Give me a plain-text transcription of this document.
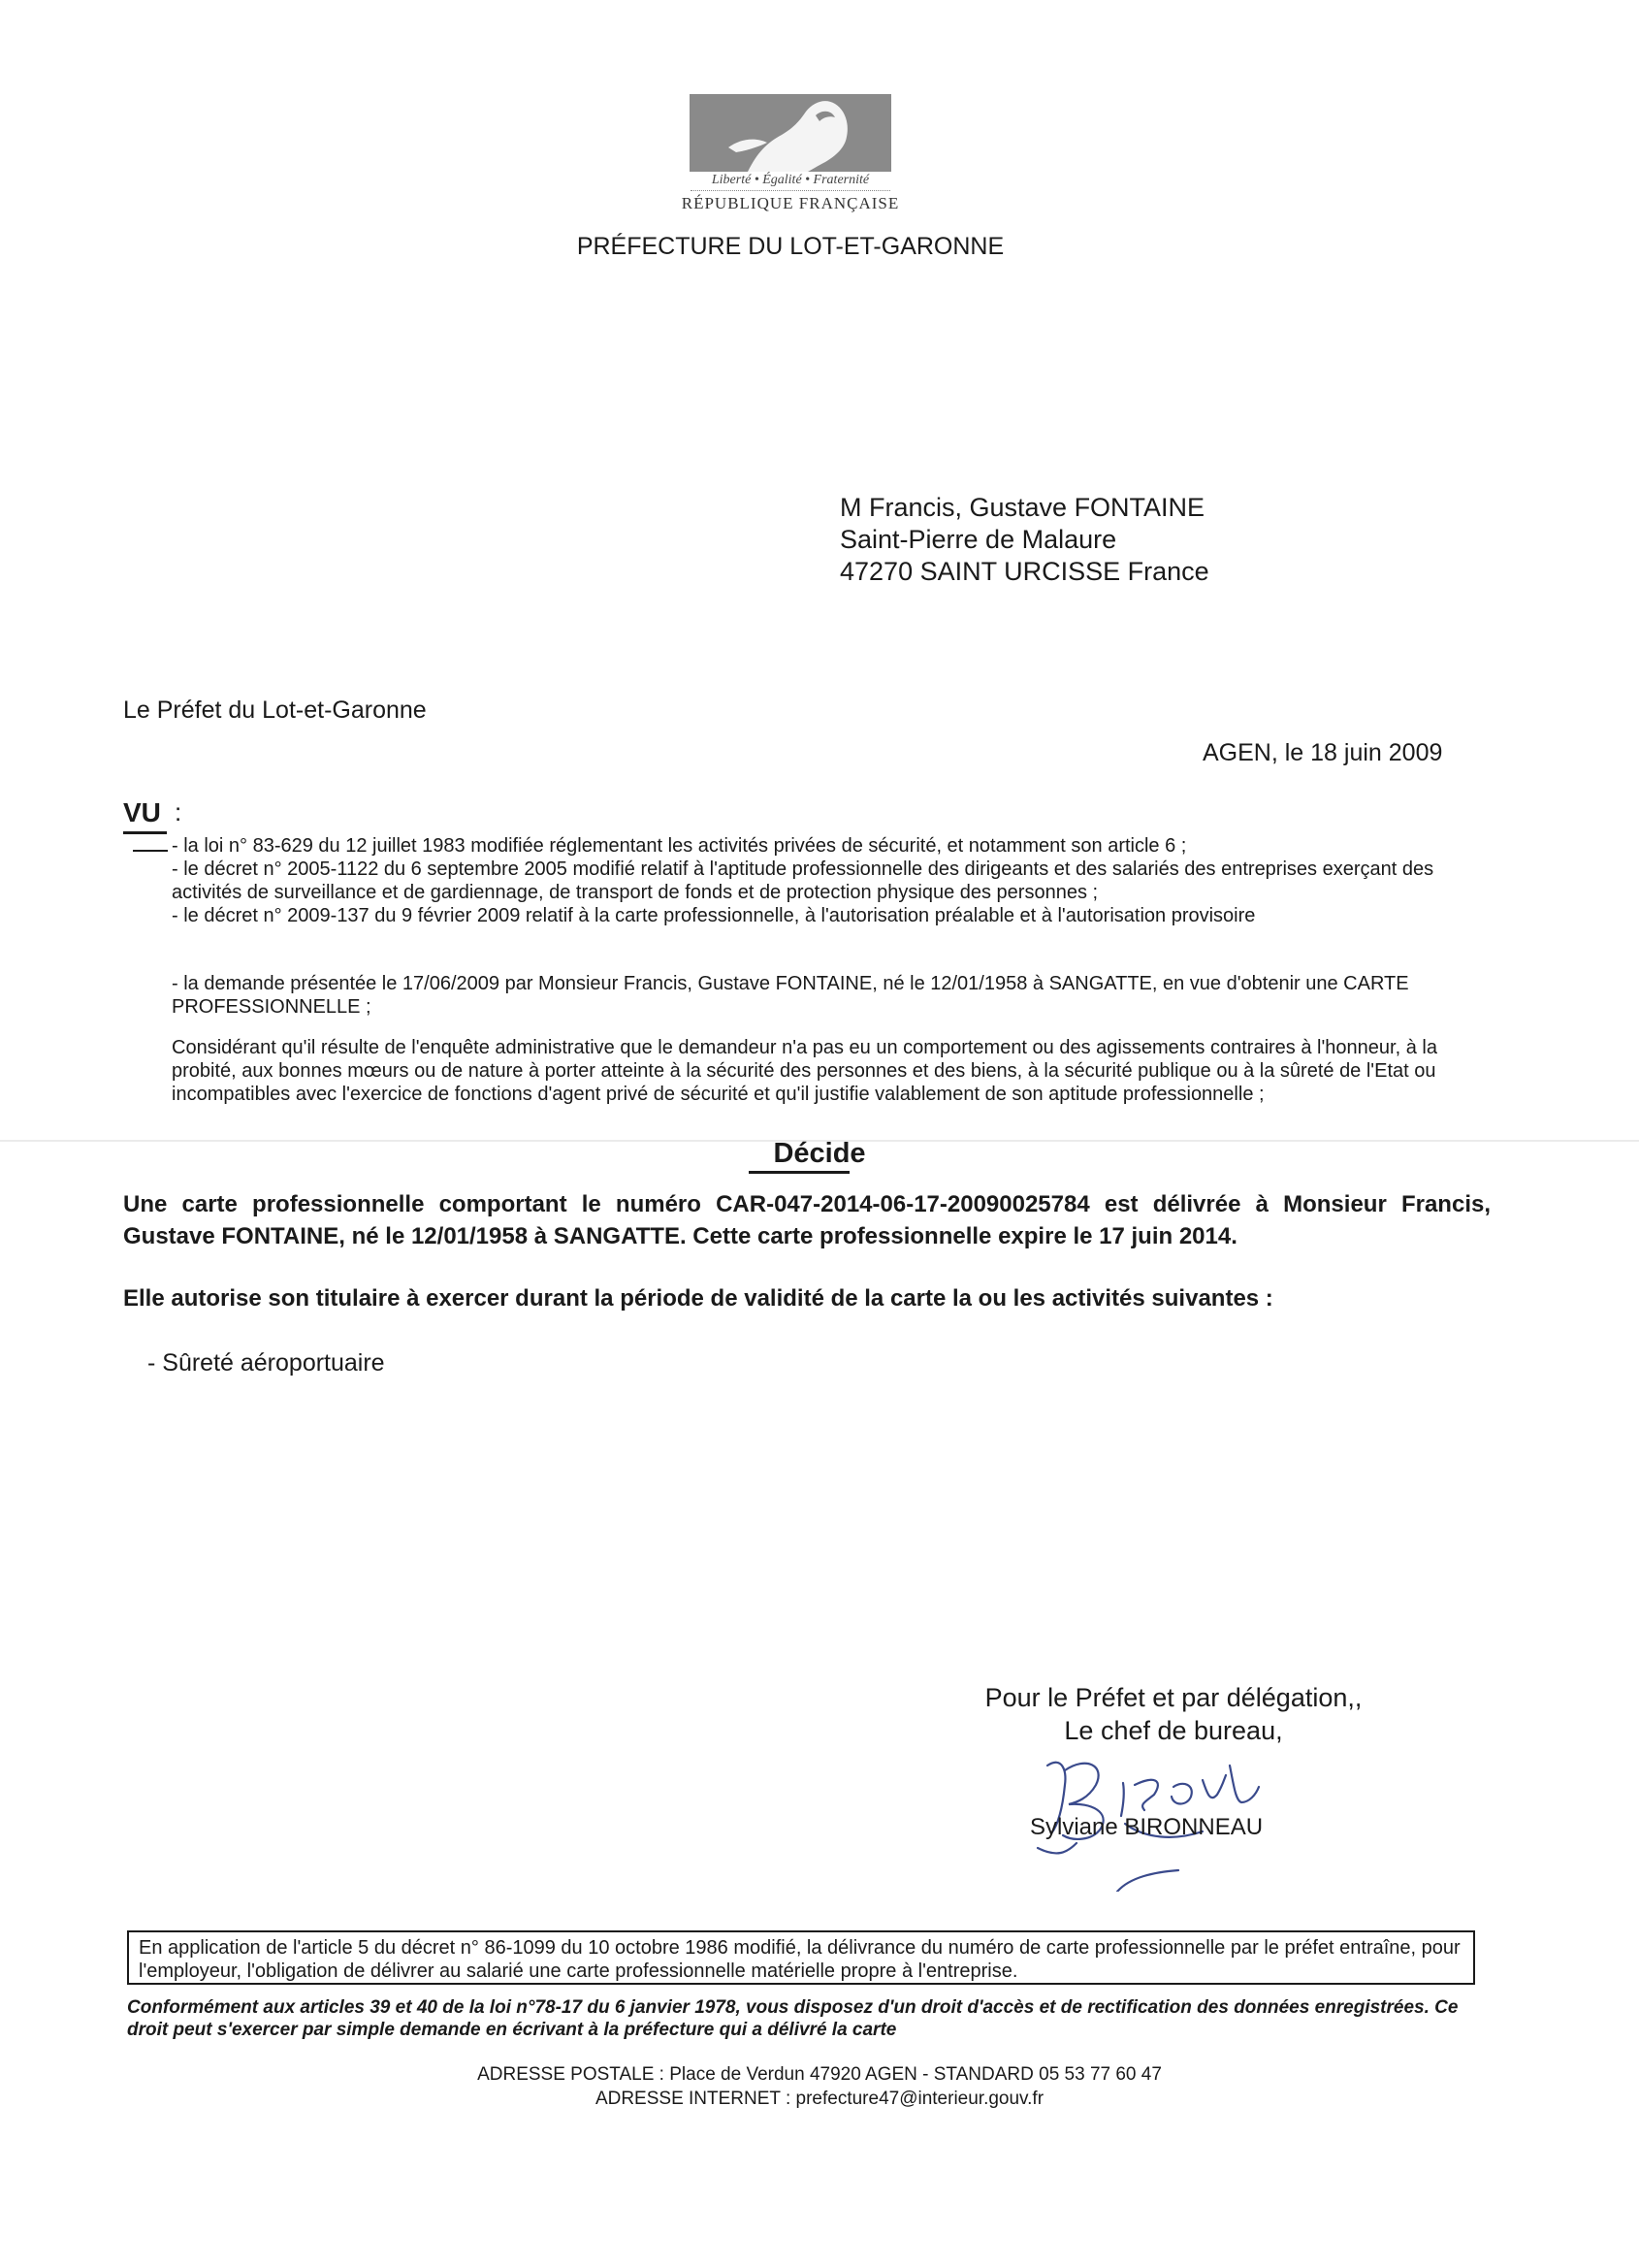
Liberté • Égalité • Fraternité
RÉPUBLIQUE FRANÇAISE
PRÉFECTURE DU LOT-ET-GARONNE
M Francis, Gustave FONTAINE
Saint-Pierre de Malaure
47270 SAINT URCISSE France
Le Préfet du Lot-et-Garonne
AGEN, le 18 juin 2009
VU :
- la loi n° 83-629 du 12 juillet 1983 modifiée réglementant les activités privées de sécurité, et notamment son article 6 ;
- le décret n° 2005-1122 du 6 septembre 2005 modifié relatif à l'aptitude professionnelle des dirigeants et des salariés des entreprises exerçant des activités de surveillance et de gardiennage, de transport de fonds et de protection physique des personnes ;
- le décret n° 2009-137 du 9 février 2009 relatif à la carte professionnelle, à l'autorisation préalable et à l'autorisation provisoire
- la demande présentée le 17/06/2009 par Monsieur Francis, Gustave FONTAINE, né le 12/01/1958 à SANGATTE, en vue d'obtenir une CARTE PROFESSIONNELLE ;
Considérant qu'il résulte de l'enquête administrative que le demandeur n'a pas eu un comportement ou des agissements contraires à l'honneur, à la probité, aux bonnes mœurs ou de nature à porter atteinte à la sécurité des personnes et des biens, à la sécurité publique ou à la sûreté de l'Etat ou incompatibles avec l'exercice de fonctions d'agent privé de sécurité et qu'il justifie valablement de son aptitude professionnelle ;
Décide
Une carte professionnelle comportant le numéro CAR-047-2014-06-17-20090025784 est délivrée à Monsieur Francis, Gustave FONTAINE, né le 12/01/1958 à SANGATTE. Cette carte professionnelle expire le 17 juin 2014.
Elle autorise son titulaire à exercer durant la période de validité de la carte la ou les activités suivantes :
- Sûreté aéroportuaire
Pour le Préfet et par délégation,,
Le chef de bureau,
Sylviane BIRONNEAU
En application de l'article 5 du décret n° 86-1099 du 10 octobre 1986 modifié, la délivrance du numéro de carte professionnelle par le préfet entraîne, pour l'employeur, l'obligation de délivrer au salarié une carte professionnelle matérielle propre à l'entreprise.
Conformément aux articles 39 et 40 de la loi n°78-17 du 6 janvier 1978, vous disposez d'un droit d'accès et de rectification des données enregistrées. Ce droit peut s'exercer par simple demande en écrivant à la préfecture qui a délivré la carte
ADRESSE POSTALE : Place de Verdun 47920 AGEN - STANDARD 05 53 77 60 47
ADRESSE INTERNET : prefecture47@interieur.gouv.fr
